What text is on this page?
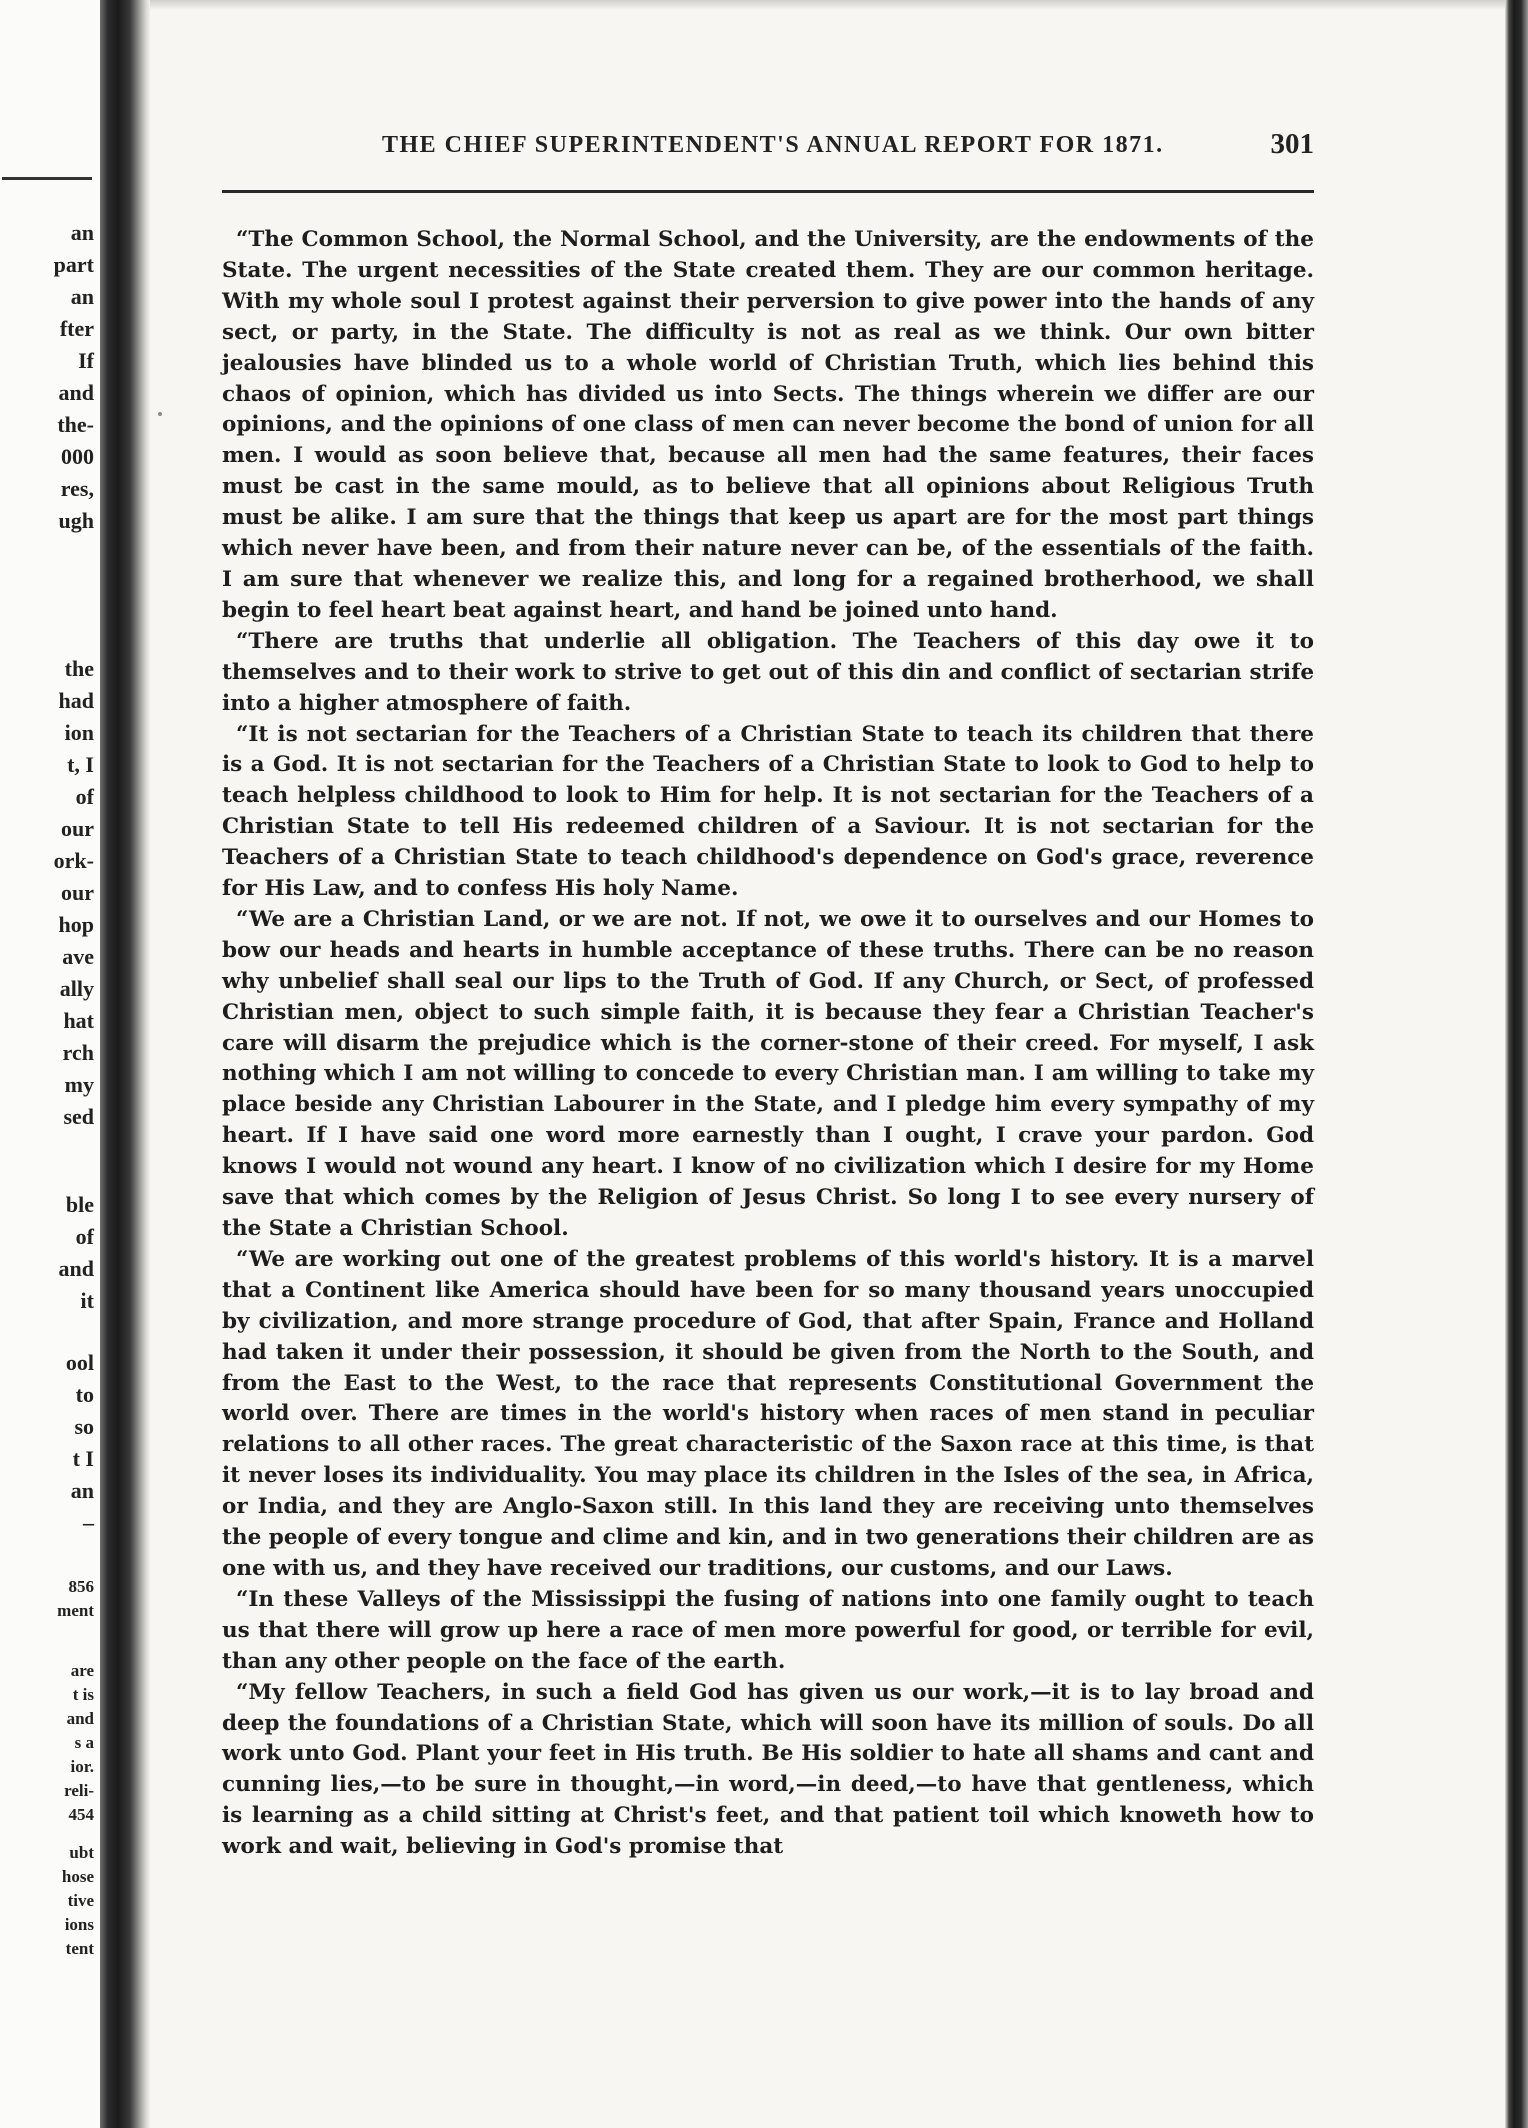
an
part
an
fter
If
and
the-
000
res,
ugh
the
had
ion
t, I
of
our
ork-
our
hop
ave
ally
hat
rch
my
sed
ble
of
and
it
ool
to
so
t I
an
–
856
ment
are
t is
and
s a
ior.
reli-
454
ubt
hose
tive
ions
tent
THE CHIEF SUPERINTENDENT'S ANNUAL REPORT FOR 1871.	301

“The Common School, the Normal School, and the University, are the endowments of the State. The urgent necessities of the State created them. They are our common heritage. With my whole soul I protest against their perversion to give power into the hands of any sect, or party, in the State. The difficulty is not as real as we think. Our own bitter jealousies have blinded us to a whole world of Christian Truth, which lies behind this chaos of opinion, which has divided us into Sects. The things wherein we differ are our opinions, and the opinions of one class of men can never become the bond of union for all men. I would as soon believe that, because all men had the same features, their faces must be cast in the same mould, as to believe that all opinions about Religious Truth must be alike. I am sure that the things that keep us apart are for the most part things which never have been, and from their nature never can be, of the essentials of the faith. I am sure that whenever we realize this, and long for a regained brotherhood, we shall begin to feel heart beat against heart, and hand be joined unto hand.

“There are truths that underlie all obligation. The Teachers of this day owe it to themselves and to their work to strive to get out of this din and conflict of sectarian strife into a higher atmosphere of faith.

“It is not sectarian for the Teachers of a Christian State to teach its children that there is a God. It is not sectarian for the Teachers of a Christian State to look to God to help to teach helpless childhood to look to Him for help. It is not sectarian for the Teachers of a Christian State to tell His redeemed children of a Saviour. It is not sectarian for the Teachers of a Christian State to teach childhood's dependence on God's grace, reverence for His Law, and to confess His holy Name.

“We are a Christian Land, or we are not. If not, we owe it to ourselves and our Homes to bow our heads and hearts in humble acceptance of these truths. There can be no reason why unbelief shall seal our lips to the Truth of God. If any Church, or Sect, of professed Christian men, object to such simple faith, it is because they fear a Christian Teacher's care will disarm the prejudice which is the corner-stone of their creed. For myself, I ask nothing which I am not willing to concede to every Christian man. I am willing to take my place beside any Christian Labourer in the State, and I pledge him every sympathy of my heart. If I have said one word more earnestly than I ought, I crave your pardon. God knows I would not wound any heart. I know of no civilization which I desire for my Home save that which comes by the Religion of Jesus Christ. So long I to see every nursery of the State a Christian School.

“We are working out one of the greatest problems of this world's history. It is a marvel that a Continent like America should have been for so many thousand years unoccupied by civilization, and more strange procedure of God, that after Spain, France and Holland had taken it under their possession, it should be given from the North to the South, and from the East to the West, to the race that represents Constitutional Government the world over. There are times in the world's history when races of men stand in peculiar relations to all other races. The great characteristic of the Saxon race at this time, is that it never loses its individuality. You may place its children in the Isles of the sea, in Africa, or India, and they are Anglo-Saxon still. In this land they are receiving unto themselves the people of every tongue and clime and kin, and in two generations their children are as one with us, and they have received our traditions, our customs, and our Laws.

“In these Valleys of the Mississippi the fusing of nations into one family ought to teach us that there will grow up here a race of men more powerful for good, or terrible for evil, than any other people on the face of the earth.

“My fellow Teachers, in such a field God has given us our work,—it is to lay broad and deep the foundations of a Christian State, which will soon have its million of souls. Do all work unto God. Plant your feet in His truth. Be His soldier to hate all shams and cant and cunning lies,—to be sure in thought,—in word,—in deed,—to have that gentleness, which is learning as a child sitting at Christ's feet, and that patient toil which knoweth how to work and wait, believing in God's promise that
